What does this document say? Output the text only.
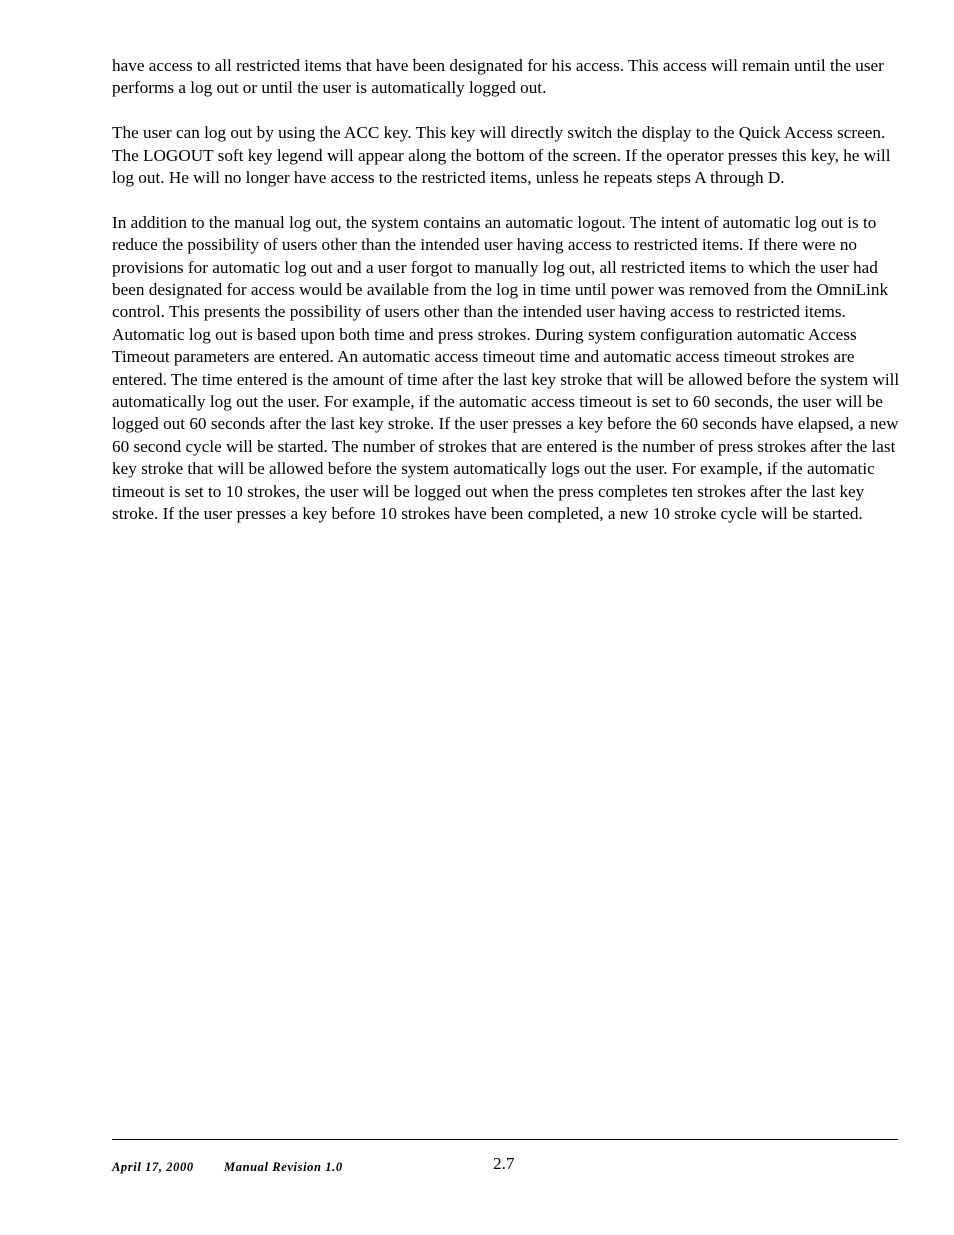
have access to all restricted items that have been designated for his access. This access will remain until the user performs a log out or until the user is automatically logged out.

The user can log out by using the ACC key. This key will directly switch the display to the Quick Access screen. The LOGOUT soft key legend will appear along the bottom of the screen. If the operator presses this key, he will log out. He will no longer have access to the restricted items, unless he repeats steps A through D.

In addition to the manual log out, the system contains an automatic logout. The intent of automatic log out is to reduce the possibility of users other than the intended user having access to restricted items. If there were no provisions for automatic log out and a user forgot to manually log out, all restricted items to which the user had been designated for access would be available from the log in time until power was removed from the OmniLink control. This presents the possibility of users other than the intended user having access to restricted items. Automatic log out is based upon both time and press strokes. During system configuration automatic Access Timeout parameters are entered. An automatic access timeout time and automatic access timeout strokes are entered. The time entered is the amount of time after the last key stroke that will be allowed before the system will automatically log out the user. For example, if the automatic access timeout is set to 60 seconds, the user will be logged out 60 seconds after the last key stroke. If the user presses a key before the 60 seconds have elapsed, a new 60 second cycle will be started. The number of strokes that are entered is the number of press strokes after the last key stroke that will be allowed before the system automatically logs out the user. For example, if the automatic timeout is set to 10 strokes, the user will be logged out when the press completes ten strokes after the last key stroke. If the user presses a key before 10 strokes have been completed, a new 10 stroke cycle will be started.

April 17, 2000 Manual Revision 1.0	2.7
